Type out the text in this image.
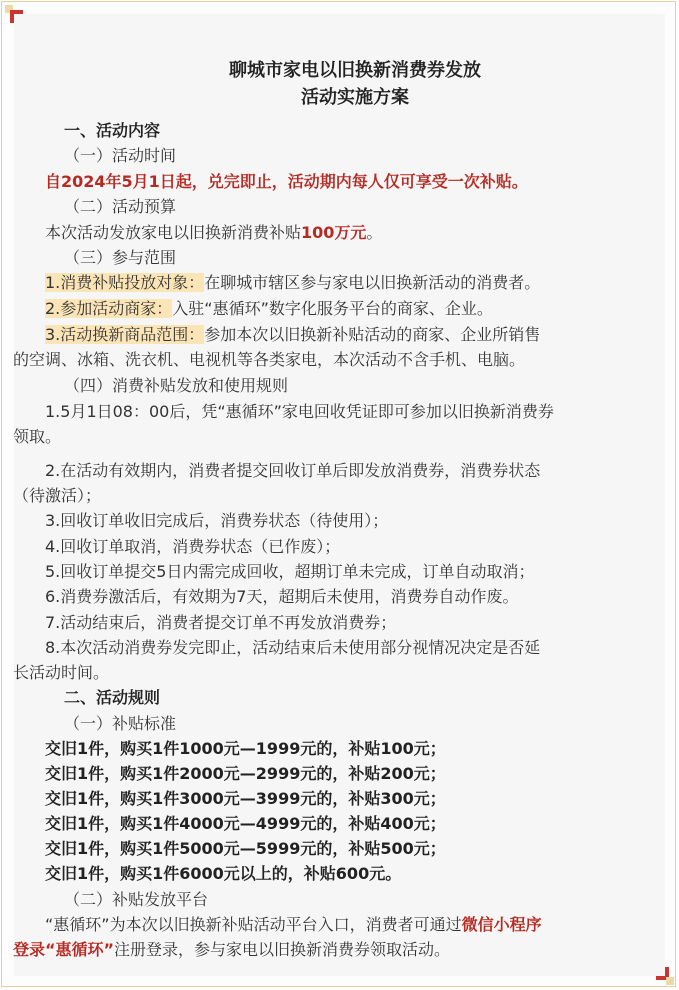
聊城市家电以旧换新消费券发放
活动实施方案
一、活动内容
（一）活动时间
自2024年5月1日起，兑完即止，活动期内每人仅可享受一次补贴。
（二）活动预算
本次活动发放家电以旧换新消费补贴100万元。
（三）参与范围
1.消费补贴投放对象：在聊城市辖区参与家电以旧换新活动的消费者。
2.参加活动商家：入驻“惠循环”数字化服务平台的商家、企业。
3.活动换新商品范围：参加本次以旧换新补贴活动的商家、企业所销售
的空调、冰箱、洗衣机、电视机等各类家电，本次活动不含手机、电脑。
（四）消费补贴发放和使用规则
1.5月1日08：00后，凭“惠循环”家电回收凭证即可参加以旧换新消费券
领取。
2.在活动有效期内，消费者提交回收订单后即发放消费券，消费券状态
（待激活）；
3.回收订单收旧完成后，消费券状态（待使用）；
4.回收订单取消，消费券状态（已作废）；
5.回收订单提交5日内需完成回收，超期订单未完成，订单自动取消；
6.消费券激活后，有效期为7天，超期后未使用，消费券自动作废。
7.活动结束后，消费者提交订单不再发放消费券；
8.本次活动消费券发完即止，活动结束后未使用部分视情况决定是否延
长活动时间。
二、活动规则
（一）补贴标准
交旧1件，购买1件1000元—1999元的，补贴100元；
交旧1件，购买1件2000元—2999元的，补贴200元；
交旧1件，购买1件3000元—3999元的，补贴300元；
交旧1件，购买1件4000元—4999元的，补贴400元；
交旧1件，购买1件5000元—5999元的，补贴500元；
交旧1件，购买1件6000元以上的，补贴600元。
（二）补贴发放平台
“惠循环”为本次以旧换新补贴活动平台入口，消费者可通过微信小程序
登录“惠循环”注册登录，参与家电以旧换新消费券领取活动。
